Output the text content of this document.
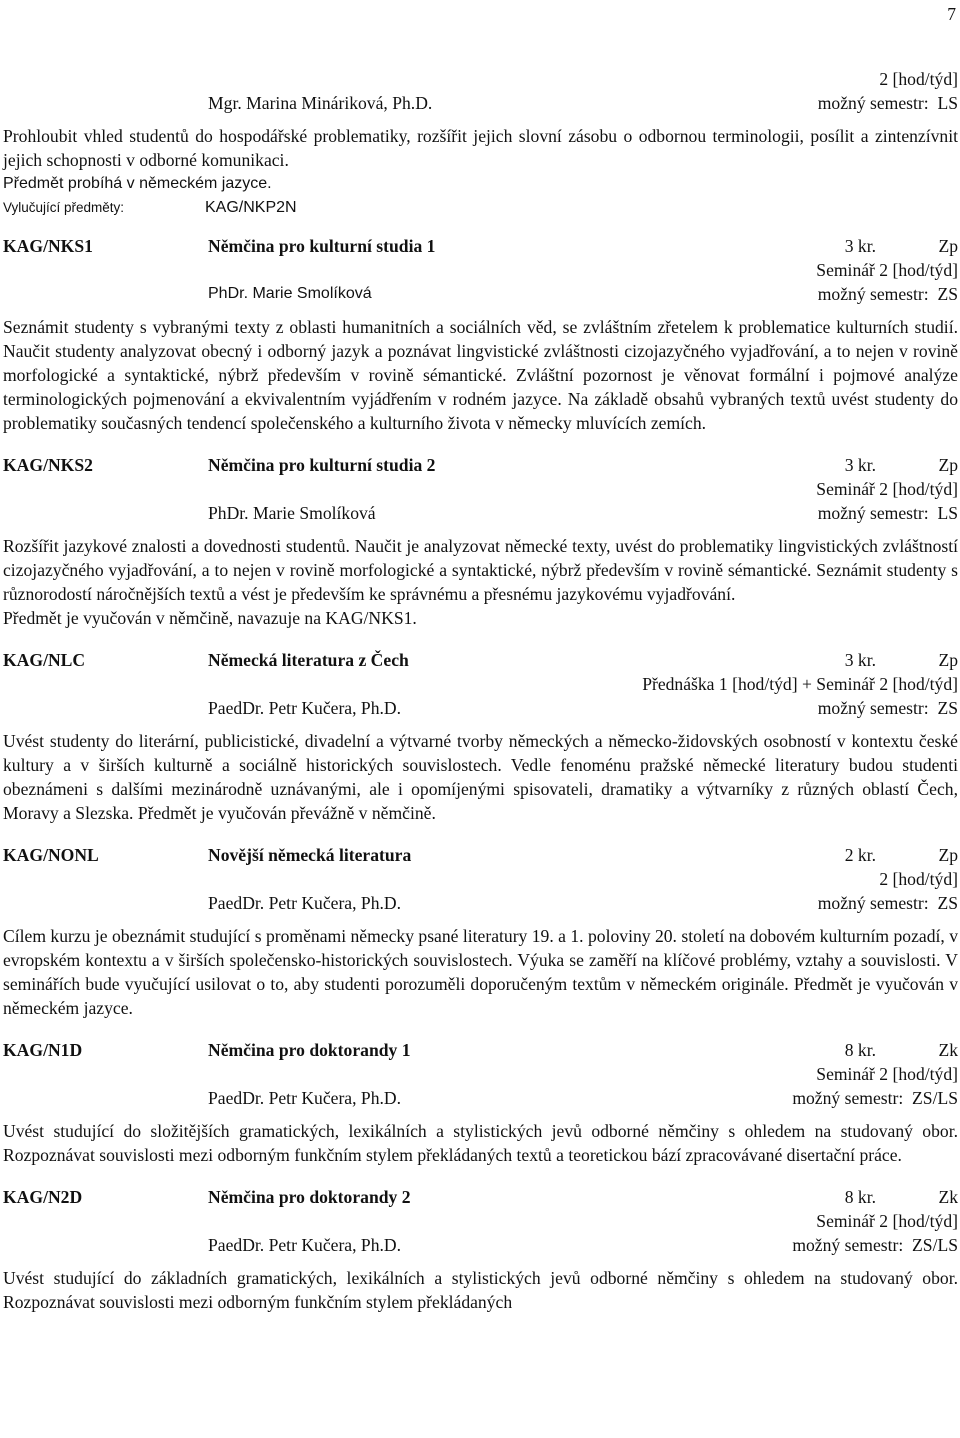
7
2 [hod/týd]
Mgr. Marina Mináriková, Ph.D.	možný semestr: LS

Prohloubit vhled studentů do hospodářské problematiky, rozšířit jejich slovní zásobu o odbornou terminologii, posílit a zintenzívnit jejich schopnosti v odborné komunikaci.

Předmět probíhá v německém jazyce.

Vylučující předměty:	KAG/NKP2N
KAG/NKS1	Němčina pro kulturní studia 1	3 kr.	Zp
Seminář 2 [hod/týd]
PhDr. Marie Smolíková	možný semestr: ZS

Seznámit studenty s vybranými texty z oblasti humanitních a sociálních věd, se zvláštním zřetelem k problematice kulturních studií. Naučit studenty analyzovat obecný i odborný jazyk a poznávat lingvistické zvláštnosti cizojazyčného vyjadřování, a to nejen v rovině morfologické a syntaktické, nýbrž především v rovině sémantické. Zvláštní pozornost je věnovat formální i pojmové analýze terminologických pojmenování a ekvivalentním vyjádřením v rodném jazyce. Na základě obsahů vybraných textů uvést studenty do problematiky současných tendencí společenského a kulturního života v německy mluvících zemích.

KAG/NKS2	Němčina pro kulturní studia 2	3 kr.	Zp
Seminář 2 [hod/týd]
PhDr. Marie Smolíková	možný semestr: LS

Rozšířit jazykové znalosti a dovednosti studentů. Naučit je analyzovat německé texty, uvést do problematiky lingvistických zvláštností cizojazyčného vyjadřování, a to nejen v rovině morfologické a syntaktické, nýbrž především v rovině sémantické. Seznámit studenty s různorodostí náročnějších textů a vést je především ke správnému a přesnému jazykovému vyjadřování.

Předmět je vyučován v němčině, navazuje na KAG/NKS1.

KAG/NLC	Německá literatura z Čech	3 kr.	Zp
Přednáška 1 [hod/týd] + Seminář 2 [hod/týd]
PaedDr. Petr Kučera, Ph.D.	možný semestr: ZS

Uvést studenty do literární, publicistické, divadelní a výtvarné tvorby německých a německo-židovských osobností v kontextu české kultury a v širších kulturně a sociálně historických souvislostech. Vedle fenoménu pražské německé literatury budou studenti obeznámeni s dalšími mezinárodně uznávanými, ale i opomíjenými spisovateli, dramatiky a výtvarníky z různých oblastí Čech, Moravy a Slezska. Předmět je vyučován převážně v němčině.

KAG/NONL	Novější německá literatura	2 kr.	Zp
2 [hod/týd]
PaedDr. Petr Kučera, Ph.D.	možný semestr: ZS

Cílem kurzu je obeznámit studující s proměnami německy psané literatury 19. a 1. poloviny 20. století na dobovém kulturním pozadí, v evropském kontextu a v širších společensko-historických souvislostech. Výuka se zaměří na klíčové problémy, vztahy a souvislosti. V seminářích bude vyučující usilovat o to, aby studenti porozuměli doporučeným textům v německém originále. Předmět je vyučován v německém jazyce.

KAG/N1D	Němčina pro doktorandy 1	8 kr.	Zk
Seminář 2 [hod/týd]
PaedDr. Petr Kučera, Ph.D.	možný semestr: ZS/LS

Uvést studující do složitějších gramatických, lexikálních a stylistických jevů odborné němčiny s ohledem na studovaný obor. Rozpoznávat souvislosti mezi odborným funkčním stylem překládaných textů a teoretickou bází zpracovávané disertační práce.

KAG/N2D	Němčina pro doktorandy 2	8 kr.	Zk
Seminář 2 [hod/týd]
PaedDr. Petr Kučera, Ph.D.	možný semestr: ZS/LS

Uvést studující do základních gramatických, lexikálních a stylistických jevů odborné němčiny s ohledem na studovaný obor. Rozpoznávat souvislosti mezi odborným funkčním stylem překládaných
